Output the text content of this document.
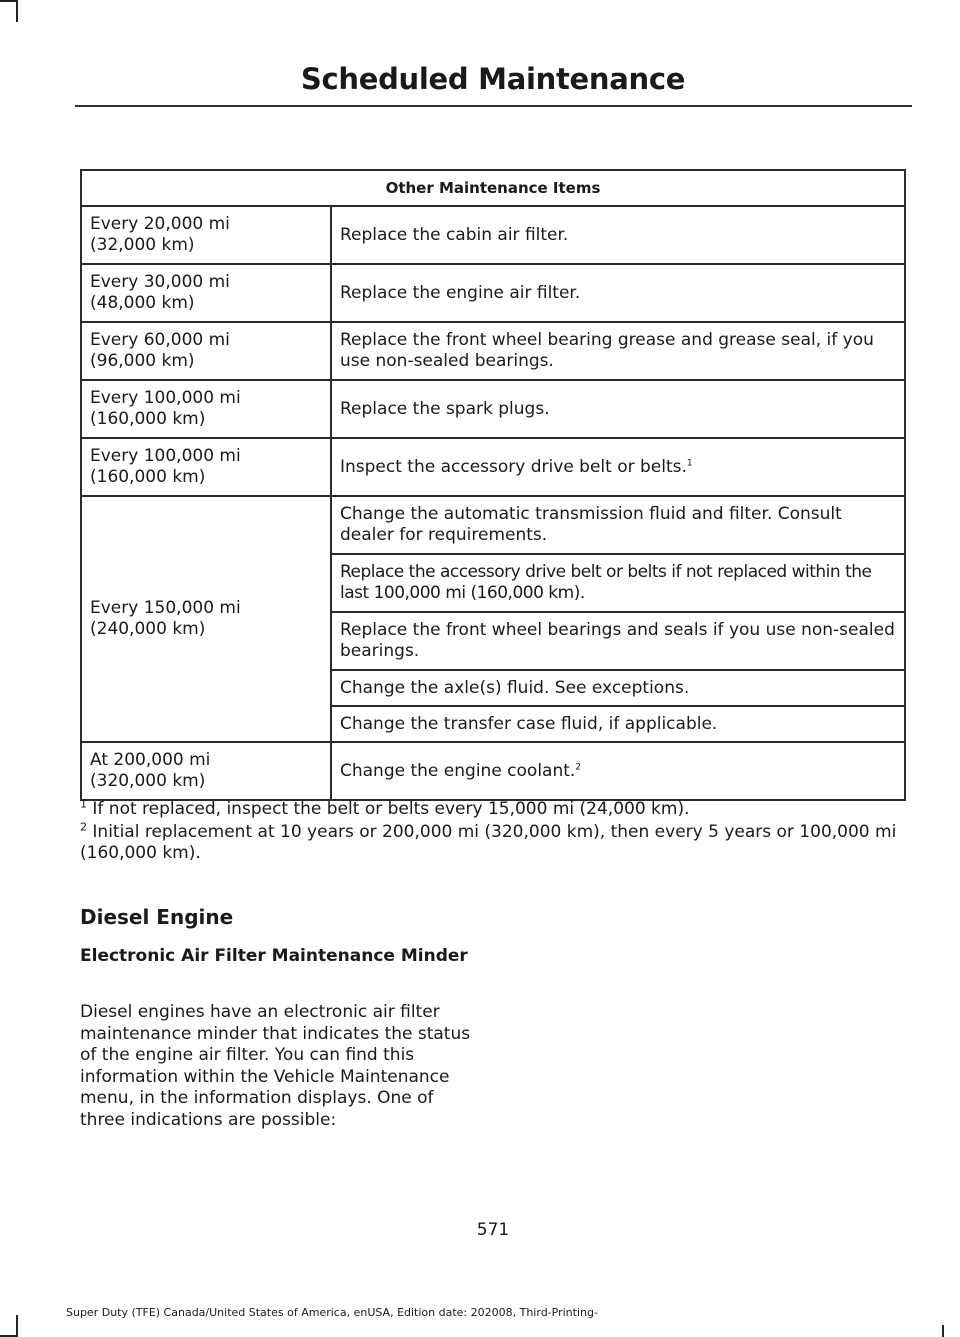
Scheduled Maintenance
Other Maintenance Items	
Every 20,000 mi
(32,000 km)	Replace the cabin air filter.
Every 30,000 mi
(48,000 km)	Replace the engine air filter.
Every 60,000 mi
(96,000 km)	Replace the front wheel bearing grease and grease seal, if you use non-sealed bearings.
Every 100,000 mi
(160,000 km)	Replace the spark plugs.
Every 100,000 mi
(160,000 km)	Inspect the accessory drive belt or belts.$^1$
Every 150,000 mi
(240,000 km)	Change the automatic transmission fluid and filter. Consult dealer for requirements.
	Replace the accessory drive belt or belts if not replaced within the last 100,000 mi (160,000 km).
	Replace the front wheel bearings and seals if you use non-sealed bearings.
	Change the axle(s) fluid. See exceptions.
	Change the transfer case fluid, if applicable.
At 200,000 mi
(320,000 km)	Change the engine coolant.$^2$

$^1$ If not replaced, inspect the belt or belts every 15,000 mi (24,000 km).

$^2$ Initial replacement at 10 years or 200,000 mi (320,000 km), then every 5 years or 100,000 mi (160,000 km).

Diesel Engine
Electronic Air Filter Maintenance Minder

Diesel engines have an electronic air filter maintenance minder that indicates the status of the engine air filter. You can find this information within the Vehicle Maintenance menu, in the information displays. One of three indications are possible:

571
Super Duty (TFE) Canada/United States of America, enUSA, Edition date: 202008, Third-Printing-
